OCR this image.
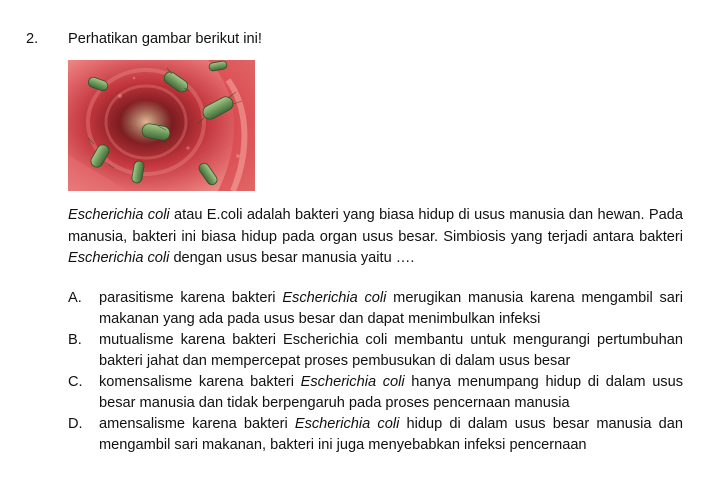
2. Perhatikan gambar berikut ini!
Escherichia coli atau E.coli adalah bakteri yang biasa hidup di usus manusia dan hewan. Pada manusia, bakteri ini biasa hidup pada organ usus besar. Simbiosis yang terjadi antara bakteri Escherichia coli dengan usus besar manusia yaitu ….
A.	parasitisme karena bakteri Escherichia coli merugikan manusia karena mengambil sari makanan yang ada pada usus besar dan dapat menimbulkan infeksi
B.	mutualisme karena bakteri Escherichia coli membantu untuk mengurangi pertumbuhan bakteri jahat dan mempercepat proses pembusukan di dalam usus besar
C.	komensalisme karena bakteri Escherichia coli hanya menumpang hidup di dalam usus besar manusia dan tidak berpengaruh pada proses pencernaan manusia
D.	amensalisme karena bakteri Escherichia coli hidup di dalam usus besar manusia dan mengambil sari makanan, bakteri ini juga menyebabkan infeksi pencernaan
